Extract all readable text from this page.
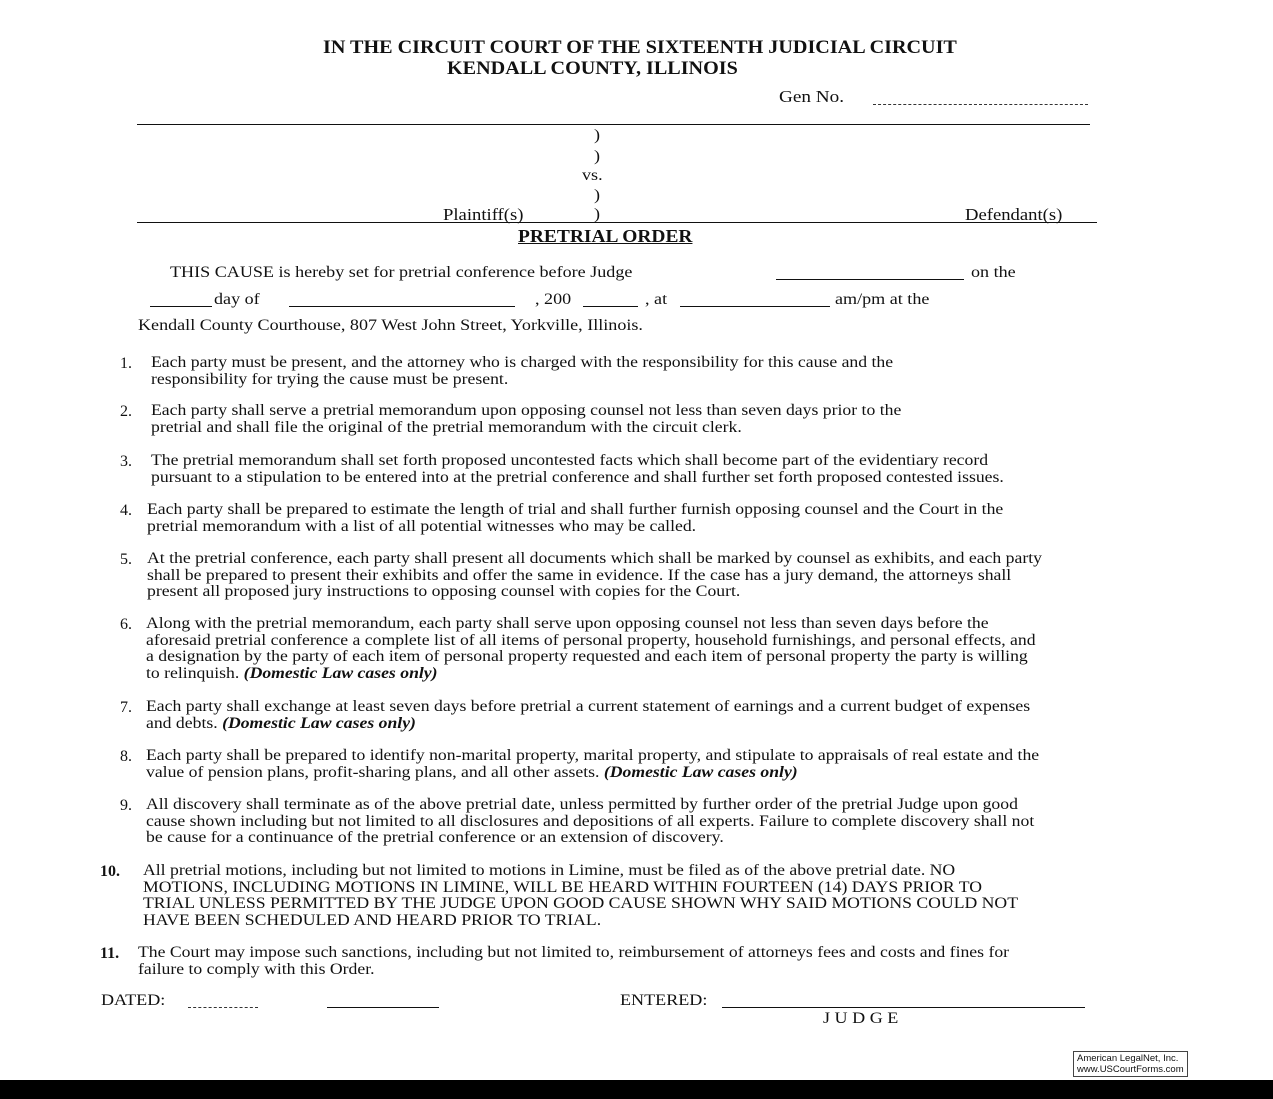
IN THE CIRCUIT COURT OF THE SIXTEENTH JUDICIAL CIRCUIT
KENDALL COUNTY, ILLINOIS
Gen No.
)
)
vs.
)
)
Plaintiff(s)	Defendant(s)
PRETRIAL ORDER
THIS CAUSE is hereby set for pretrial conference before Judge	on the
day of	, 200	, at	am/pm at the
Kendall County Courthouse, 807 West John Street, Yorkville, Illinois.
1. Each party must be present, and the attorney who is charged with the responsibility for this cause and the
responsibility for trying the cause must be present.
2. Each party shall serve a pretrial memorandum upon opposing counsel not less than seven days prior to the
pretrial and shall file the original of the pretrial memorandum with the circuit clerk.
3. The pretrial memorandum shall set forth proposed uncontested facts which shall become part of the evidentiary record
pursuant to a stipulation to be entered into at the pretrial conference and shall further set forth proposed contested issues.
4. Each party shall be prepared to estimate the length of trial and shall further furnish opposing counsel and the Court in the
pretrial memorandum with a list of all potential witnesses who may be called.
5. At the pretrial conference, each party shall present all documents which shall be marked by counsel as exhibits, and each party
shall be prepared to present their exhibits and offer the same in evidence. If the case has a jury demand, the attorneys shall
present all proposed jury instructions to opposing counsel with copies for the Court.
6. Along with the pretrial memorandum, each party shall serve upon opposing counsel not less than seven days before the
aforesaid pretrial conference a complete list of all items of personal property, household furnishings, and personal effects, and
a designation by the party of each item of personal property requested and each item of personal property the party is willing
to relinquish. (Domestic Law cases only)
7. Each party shall exchange at least seven days before pretrial a current statement of earnings and a current budget of expenses
and debts. (Domestic Law cases only)
8. Each party shall be prepared to identify non-marital property, marital property, and stipulate to appraisals of real estate and the
value of pension plans, profit-sharing plans, and all other assets. (Domestic Law cases only)
9. All discovery shall terminate as of the above pretrial date, unless permitted by further order of the pretrial Judge upon good
cause shown including but not limited to all disclosures and depositions of all experts. Failure to complete discovery shall not
be cause for a continuance of the pretrial conference or an extension of discovery.
10. All pretrial motions, including but not limited to motions in Limine, must be filed as of the above pretrial date. NO
MOTIONS, INCLUDING MOTIONS IN LIMINE, WILL BE HEARD WITHIN FOURTEEN (14) DAYS PRIOR TO
TRIAL UNLESS PERMITTED BY THE JUDGE UPON GOOD CAUSE SHOWN WHY SAID MOTIONS COULD NOT
HAVE BEEN SCHEDULED AND HEARD PRIOR TO TRIAL.
11. The Court may impose such sanctions, including but not limited to, reimbursement of attorneys fees and costs and fines for
failure to comply with this Order.
DATED:	ENTERED:
J U D G E
American LegalNet, Inc.
www.USCourtForms.com
